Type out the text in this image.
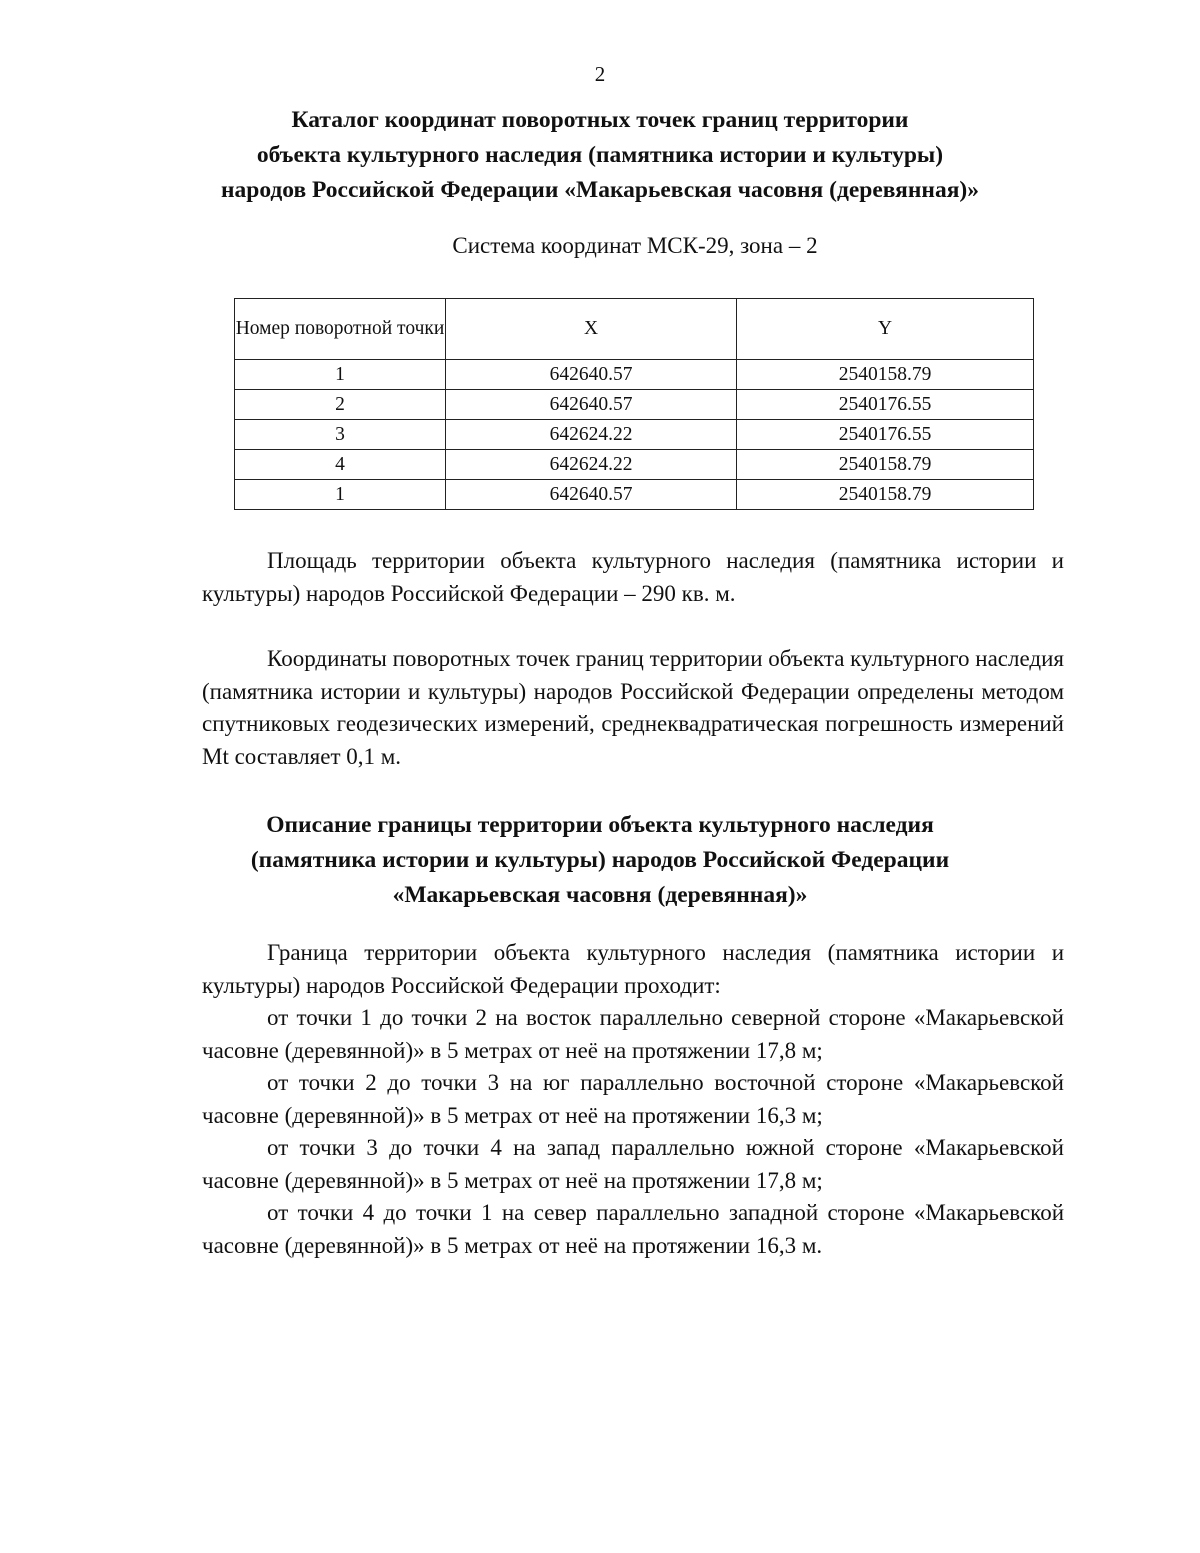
2
Каталог координат поворотных точек границ территории
объекта культурного наследия (памятника истории и культуры)
народов Российской Федерации «Макарьевская часовня (деревянная)»
Система координат МСК-29, зона – 2
Номер поворотной точки	X	Y
1	642640.57	2540158.79
2	642640.57	2540176.55
3	642624.22	2540176.55
4	642624.22	2540158.79
1	642640.57	2540158.79

Площадь территории объекта культурного наследия (памятника истории и культуры) народов Российской Федерации – 290 кв. м.

Координаты поворотных точек границ территории объекта культурного наследия (памятника истории и культуры) народов Российской Федерации определены методом спутниковых геодезических измерений, среднеквадратическая погрешность измерений Mt составляет 0,1 м.

Описание границы территории объекта культурного наследия
(памятника истории и культуры) народов Российской Федерации
«Макарьевская часовня (деревянная)»

Граница территории объекта культурного наследия (памятника истории и культуры) народов Российской Федерации проходит:

от точки 1 до точки 2 на восток параллельно северной стороне «Макарьевской часовне (деревянной)» в 5 метрах от неё на протяжении 17,8 м;

от точки 2 до точки 3 на юг параллельно восточной стороне «Макарьевской часовне (деревянной)» в 5 метрах от неё на протяжении 16,3 м;

от точки 3 до точки 4 на запад параллельно южной стороне «Макарьевской часовне (деревянной)» в 5 метрах от неё на протяжении 17,8 м;

от точки 4 до точки 1 на север параллельно западной стороне «Макарьевской часовне (деревянной)» в 5 метрах от неё на протяжении 16,3 м.
